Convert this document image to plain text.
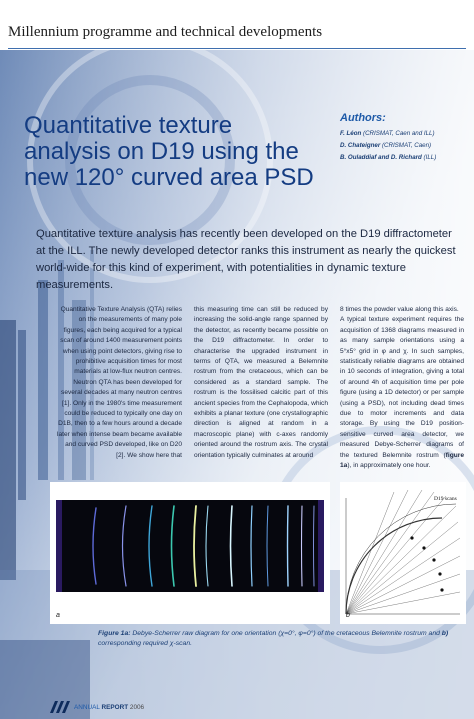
Millennium programme and technical developments
Quantitative texture analysis on D19 using the new 120° curved area PSD
Authors:
F. Léon (CRISMAT, Caen and ILL)
D. Chateigner (CRISMAT, Caen)
B. Ouladdiaf and D. Richard (ILL)
Quantitative texture analysis has recently been developed on the D19 diffractometer at the ILL. The newly developed detector ranks this instrument as nearly the quickest world-wide for this kind of experiment, with potentialities in dynamic texture measurements.
Quantitative Texture Analysis (QTA) relies on the measurements of many pole figures, each being acquired for a typical scan of around 1400 measurement points when using point detectors, giving rise to prohibitive acquisition times for most materials at low-flux neutron centres. Neutron QTA has been developed for several decades at many neutron centres [1]. Only in the 1980's time measurement could be reduced to typically one day on D1B, then to a few hours around a decade later when intense beam became available and curved PSD developed, like on D20 [2]. We show here that
this measuring time can still be reduced by increasing the solid-angle range spanned by the detector, as recently became possible on the D19 diffractometer. In order to characterise the upgraded instrument in terms of QTA, we measured a Belemnite rostrum from the cretaceous, which can be considered as a standard sample. The rostrum is the fossilised calcitic part of this ancient species from the Cephalopoda, which exhibits a planar texture (one crystallographic direction is aligned at random in a macroscopic plane) with c-axes randomly oriented around the rostrum axis. The crystal orientation typically culminates at around
8 times the powder value along this axis.
A typical texture experiment requires the acquisition of 1368 diagrams measured in as many sample orientations using a 5°x5° grid in φ and χ. In such samples, statistically reliable diagrams are obtained in 10 seconds of integration, giving a total of around 4h of acquisition time per pole figure (using a 1D detector) or per sample (using a PSD), not including dead times due to motor increments and data storage. By using the D19 position-sensitive curved area detector, we measured Debye-Scherrer diagrams of the textured Belemnite rostrum (figure 1a), in approximately one hour.
a
D19 scans
b
Figure 1a: Debye-Scherrer raw diagram for one orientation (χ=0°, φ=0°) of the cretaceous Belemnite rostrum and b) corresponding required χ-scan.
ANNUAL REPORT 2006
